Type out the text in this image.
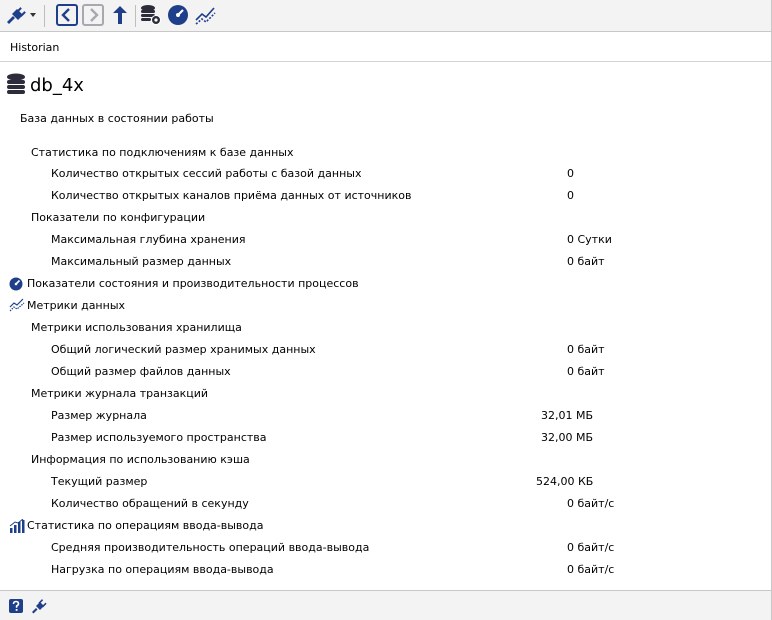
Historian
db_4x
База данных в состоянии работы
Статистика по подключениям к базе данных
Количество открытых сессий работы с базой данных	0
Количество открытых каналов приёма данных от источников	0
Показатели по конфигурации
Максимальная глубина хранения	0 Сутки
Максимальный размер данных	0 байт
Показатели состояния и производительности процессов
Метрики данных
Метрики использования хранилища
Общий логический размер хранимых данных	0 байт
Общий размер файлов данных	0 байт
Метрики журнала транзакций
Размер журнала	32,01 МБ
Размер используемого пространства	32,00 МБ
Информация по использованию кэша
Текущий размер	524,00 КБ
Количество обращений в секунду	0 байт/с
Статистика по операциям ввода-вывода
Средняя производительность операций ввода-вывода	0 байт/с
Нагрузка по операциям ввода-вывода	0 байт/с
